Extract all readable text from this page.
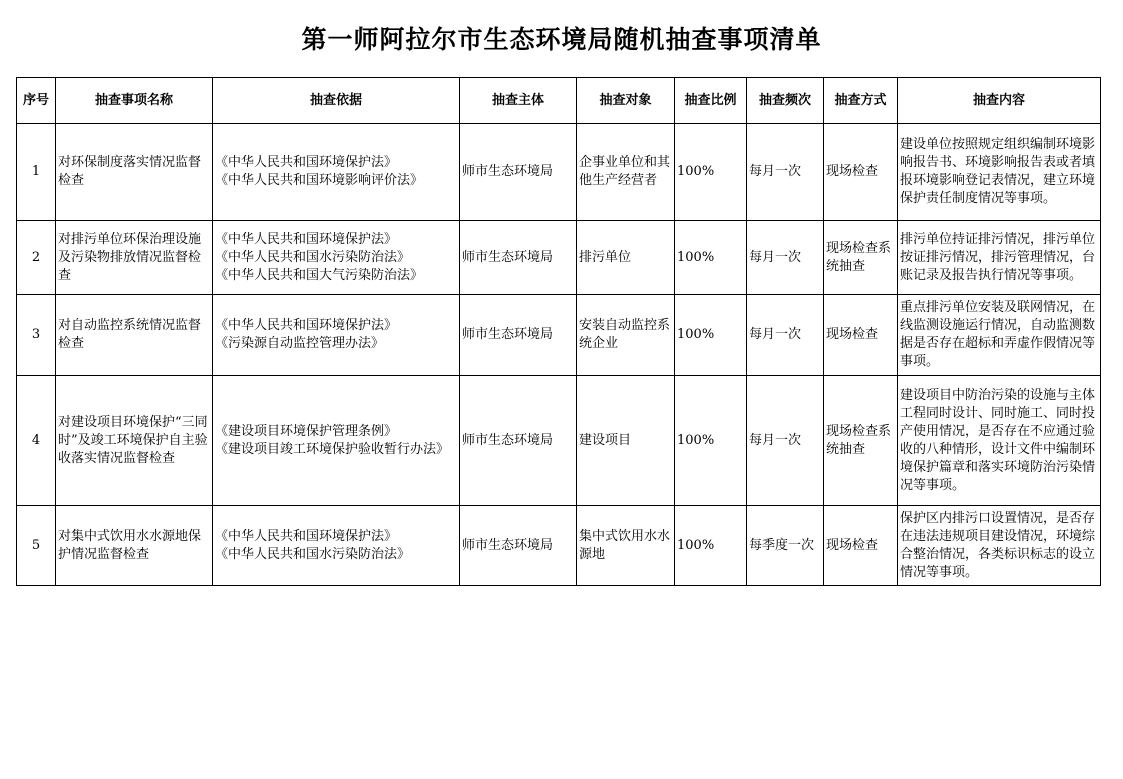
第一师阿拉尔市生态环境局随机抽查事项清单
序号	抽查事项名称	抽查依据	抽查主体	抽查对象	抽查比例	抽查频次	抽查方式	抽查内容
1	对环保制度落实情况监督检查	《中华人民共和国环境保护法》
《中华人民共和国环境影响评价法》	师市生态环境局	企事业单位和其他生产经营者	100%	每月一次	现场检查	建设单位按照规定组织编制环境影响报告书、环境影响报告表或者填报环境影响登记表情况，建立环境保护责任制度情况等事项。
2	对排污单位环保治理设施及污染物排放情况监督检查	《中华人民共和国环境保护法》
《中华人民共和国水污染防治法》
《中华人民共和国大气污染防治法》	师市生态环境局	排污单位	100%	每月一次	现场检查系统抽查	排污单位持证排污情况，排污单位按证排污情况，排污管理情况，台账记录及报告执行情况等事项。
3	对自动监控系统情况监督检查	《中华人民共和国环境保护法》
《污染源自动监控管理办法》	师市生态环境局	安装自动监控系统企业	100%	每月一次	现场检查	重点排污单位安装及联网情况，在线监测设施运行情况，自动监测数据是否存在超标和弄虚作假情况等事项。
4	对建设项目环境保护“三同时”及竣工环境保护自主验收落实情况监督检查	《建设项目环境保护管理条例》
《建设项目竣工环境保护验收暂行办法》	师市生态环境局	建设项目	100%	每月一次	现场检查系统抽查	建设项目中防治污染的设施与主体工程同时设计、同时施工、同时投产使用情况，是否存在不应通过验收的八种情形，设计文件中编制环境保护篇章和落实环境防治污染情况等事项。
5	对集中式饮用水水源地保护情况监督检查	《中华人民共和国环境保护法》
《中华人民共和国水污染防治法》	师市生态环境局	集中式饮用水水源地	100%	每季度一次	现场检查	保护区内排污口设置情况，是否存在违法违规项目建设情况，环境综合整治情况，各类标识标志的设立情况等事项。
